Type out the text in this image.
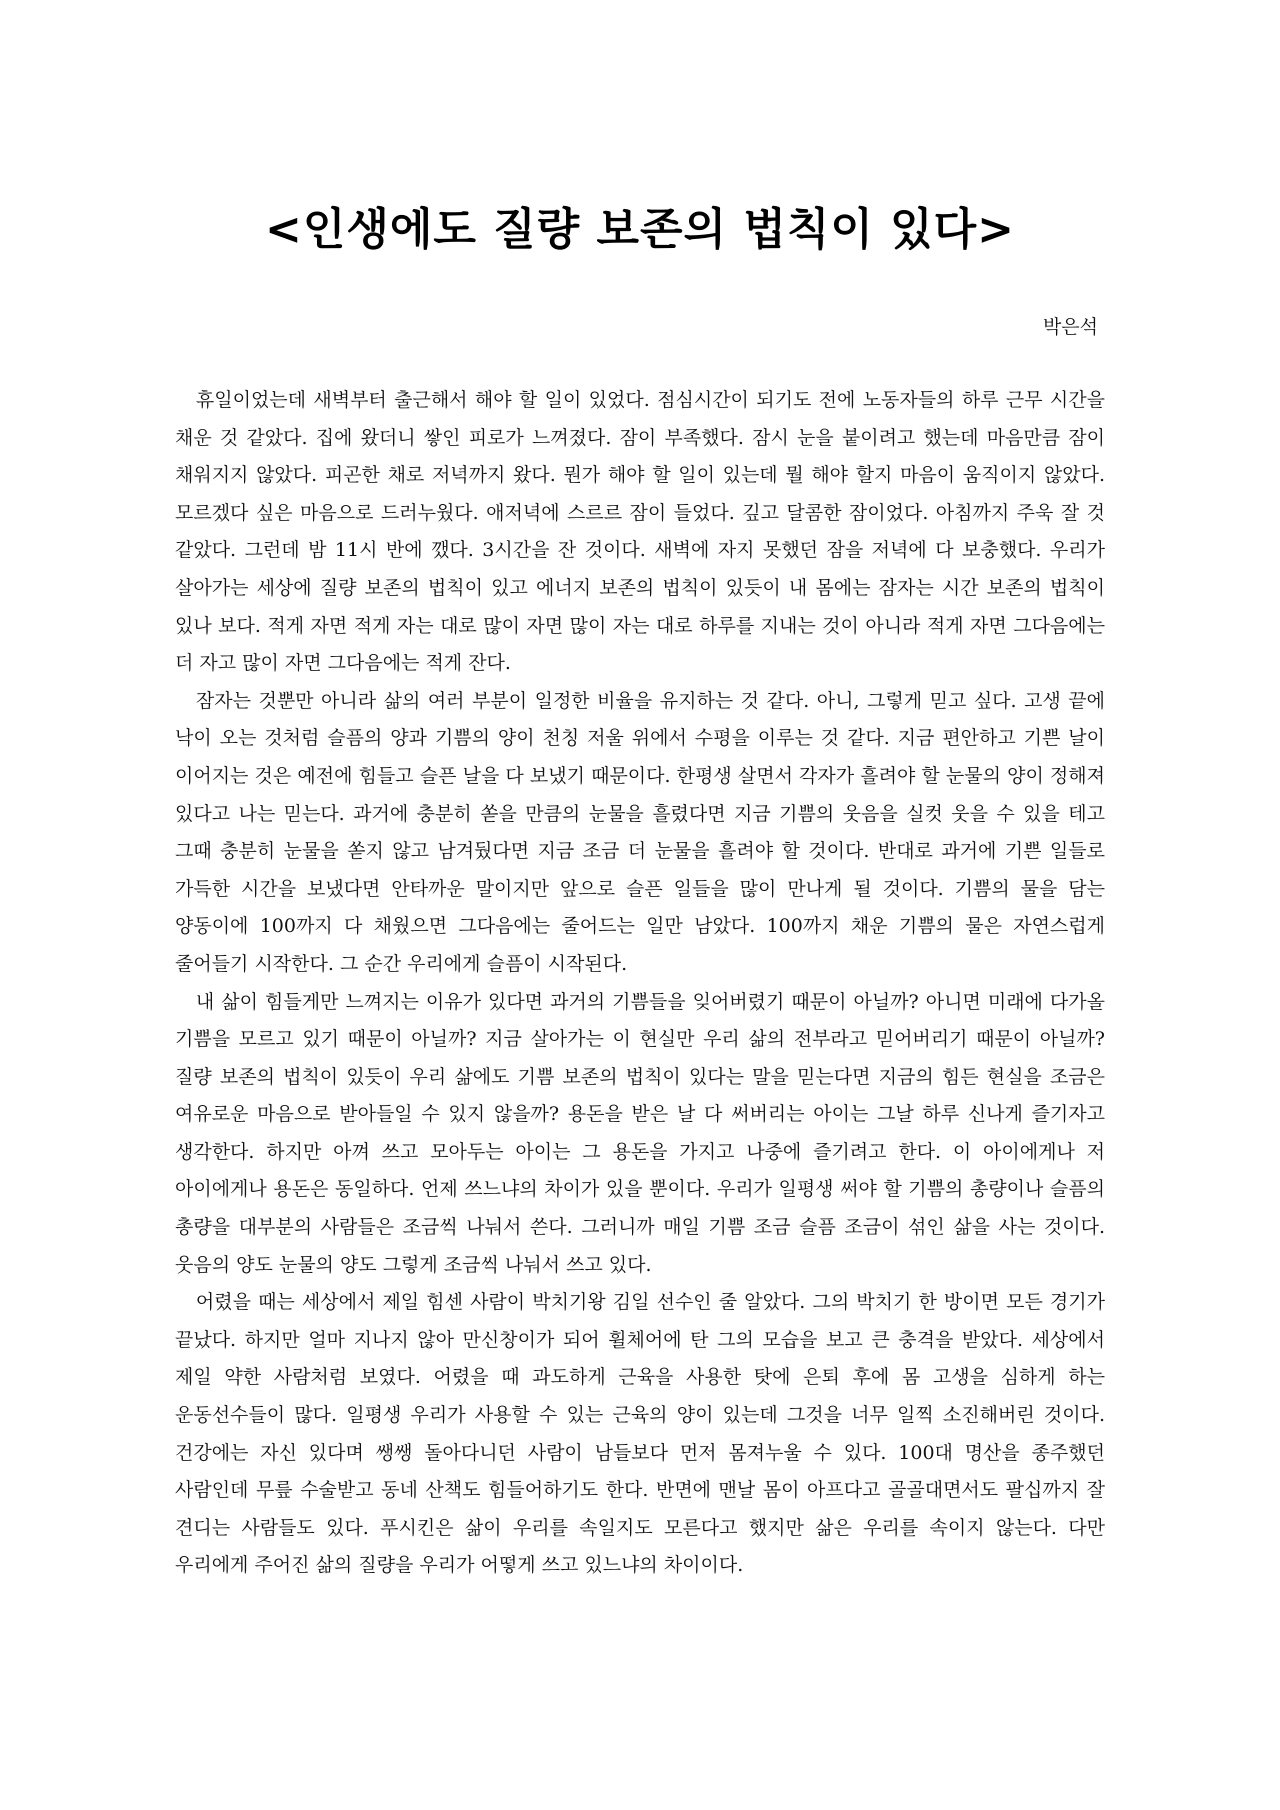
<인생에도 질량 보존의 법칙이 있다>
박은석

휴일이었는데 새벽부터 출근해서 해야 할 일이 있었다. 점심시간이 되기도 전에 노동자들의 하루 근무 시간을 채운 것 같았다. 집에 왔더니 쌓인 피로가 느껴졌다. 잠이 부족했다. 잠시 눈을 붙이려고 했는데 마음만큼 잠이 채워지지 않았다. 피곤한 채로 저녁까지 왔다. 뭔가 해야 할 일이 있는데 뭘 해야 할지 마음이 움직이지 않았다. 모르겠다 싶은 마음으로 드러누웠다. 애저녁에 스르르 잠이 들었다. 깊고 달콤한 잠이었다. 아침까지 주욱 잘 것 같았다. 그런데 밤 11시 반에 깼다. 3시간을 잔 것이다. 새벽에 자지 못했던 잠을 저녁에 다 보충했다. 우리가 살아가는 세상에 질량 보존의 법칙이 있고 에너지 보존의 법칙이 있듯이 내 몸에는 잠자는 시간 보존의 법칙이 있나 보다. 적게 자면 적게 자는 대로 많이 자면 많이 자는 대로 하루를 지내는 것이 아니라 적게 자면 그다음에는 더 자고 많이 자면 그다음에는 적게 잔다.

잠자는 것뿐만 아니라 삶의 여러 부분이 일정한 비율을 유지하는 것 같다. 아니, 그렇게 믿고 싶다. 고생 끝에 낙이 오는 것처럼 슬픔의 양과 기쁨의 양이 천칭 저울 위에서 수평을 이루는 것 같다. 지금 편안하고 기쁜 날이 이어지는 것은 예전에 힘들고 슬픈 날을 다 보냈기 때문이다. 한평생 살면서 각자가 흘려야 할 눈물의 양이 정해져 있다고 나는 믿는다. 과거에 충분히 쏟을 만큼의 눈물을 흘렸다면 지금 기쁨의 웃음을 실컷 웃을 수 있을 테고 그때 충분히 눈물을 쏟지 않고 남겨뒀다면 지금 조금 더 눈물을 흘려야 할 것이다. 반대로 과거에 기쁜 일들로 가득한 시간을 보냈다면 안타까운 말이지만 앞으로 슬픈 일들을 많이 만나게 될 것이다. 기쁨의 물을 담는 양동이에 100까지 다 채웠으면 그다음에는 줄어드는 일만 남았다. 100까지 채운 기쁨의 물은 자연스럽게 줄어들기 시작한다. 그 순간 우리에게 슬픔이 시작된다.

내 삶이 힘들게만 느껴지는 이유가 있다면 과거의 기쁨들을 잊어버렸기 때문이 아닐까? 아니면 미래에 다가올 기쁨을 모르고 있기 때문이 아닐까? 지금 살아가는 이 현실만 우리 삶의 전부라고 믿어버리기 때문이 아닐까? 질량 보존의 법칙이 있듯이 우리 삶에도 기쁨 보존의 법칙이 있다는 말을 믿는다면 지금의 힘든 현실을 조금은 여유로운 마음으로 받아들일 수 있지 않을까? 용돈을 받은 날 다 써버리는 아이는 그날 하루 신나게 즐기자고 생각한다. 하지만 아껴 쓰고 모아두는 아이는 그 용돈을 가지고 나중에 즐기려고 한다. 이 아이에게나 저 아이에게나 용돈은 동일하다. 언제 쓰느냐의 차이가 있을 뿐이다. 우리가 일평생 써야 할 기쁨의 총량이나 슬픔의 총량을 대부분의 사람들은 조금씩 나눠서 쓴다. 그러니까 매일 기쁨 조금 슬픔 조금이 섞인 삶을 사는 것이다. 웃음의 양도 눈물의 양도 그렇게 조금씩 나눠서 쓰고 있다.

어렸을 때는 세상에서 제일 힘센 사람이 박치기왕 김일 선수인 줄 알았다. 그의 박치기 한 방이면 모든 경기가 끝났다. 하지만 얼마 지나지 않아 만신창이가 되어 휠체어에 탄 그의 모습을 보고 큰 충격을 받았다. 세상에서 제일 약한 사람처럼 보였다. 어렸을 때 과도하게 근육을 사용한 탓에 은퇴 후에 몸 고생을 심하게 하는 운동선수들이 많다. 일평생 우리가 사용할 수 있는 근육의 양이 있는데 그것을 너무 일찍 소진해버린 것이다. 건강에는 자신 있다며 쌩쌩 돌아다니던 사람이 남들보다 먼저 몸져누울 수 있다. 100대 명산을 종주했던 사람인데 무릎 수술받고 동네 산책도 힘들어하기도 한다. 반면에 맨날 몸이 아프다고 골골대면서도 팔십까지 잘 견디는 사람들도 있다. 푸시킨은 삶이 우리를 속일지도 모른다고 했지만 삶은 우리를 속이지 않는다. 다만 우리에게 주어진 삶의 질량을 우리가 어떻게 쓰고 있느냐의 차이이다.
